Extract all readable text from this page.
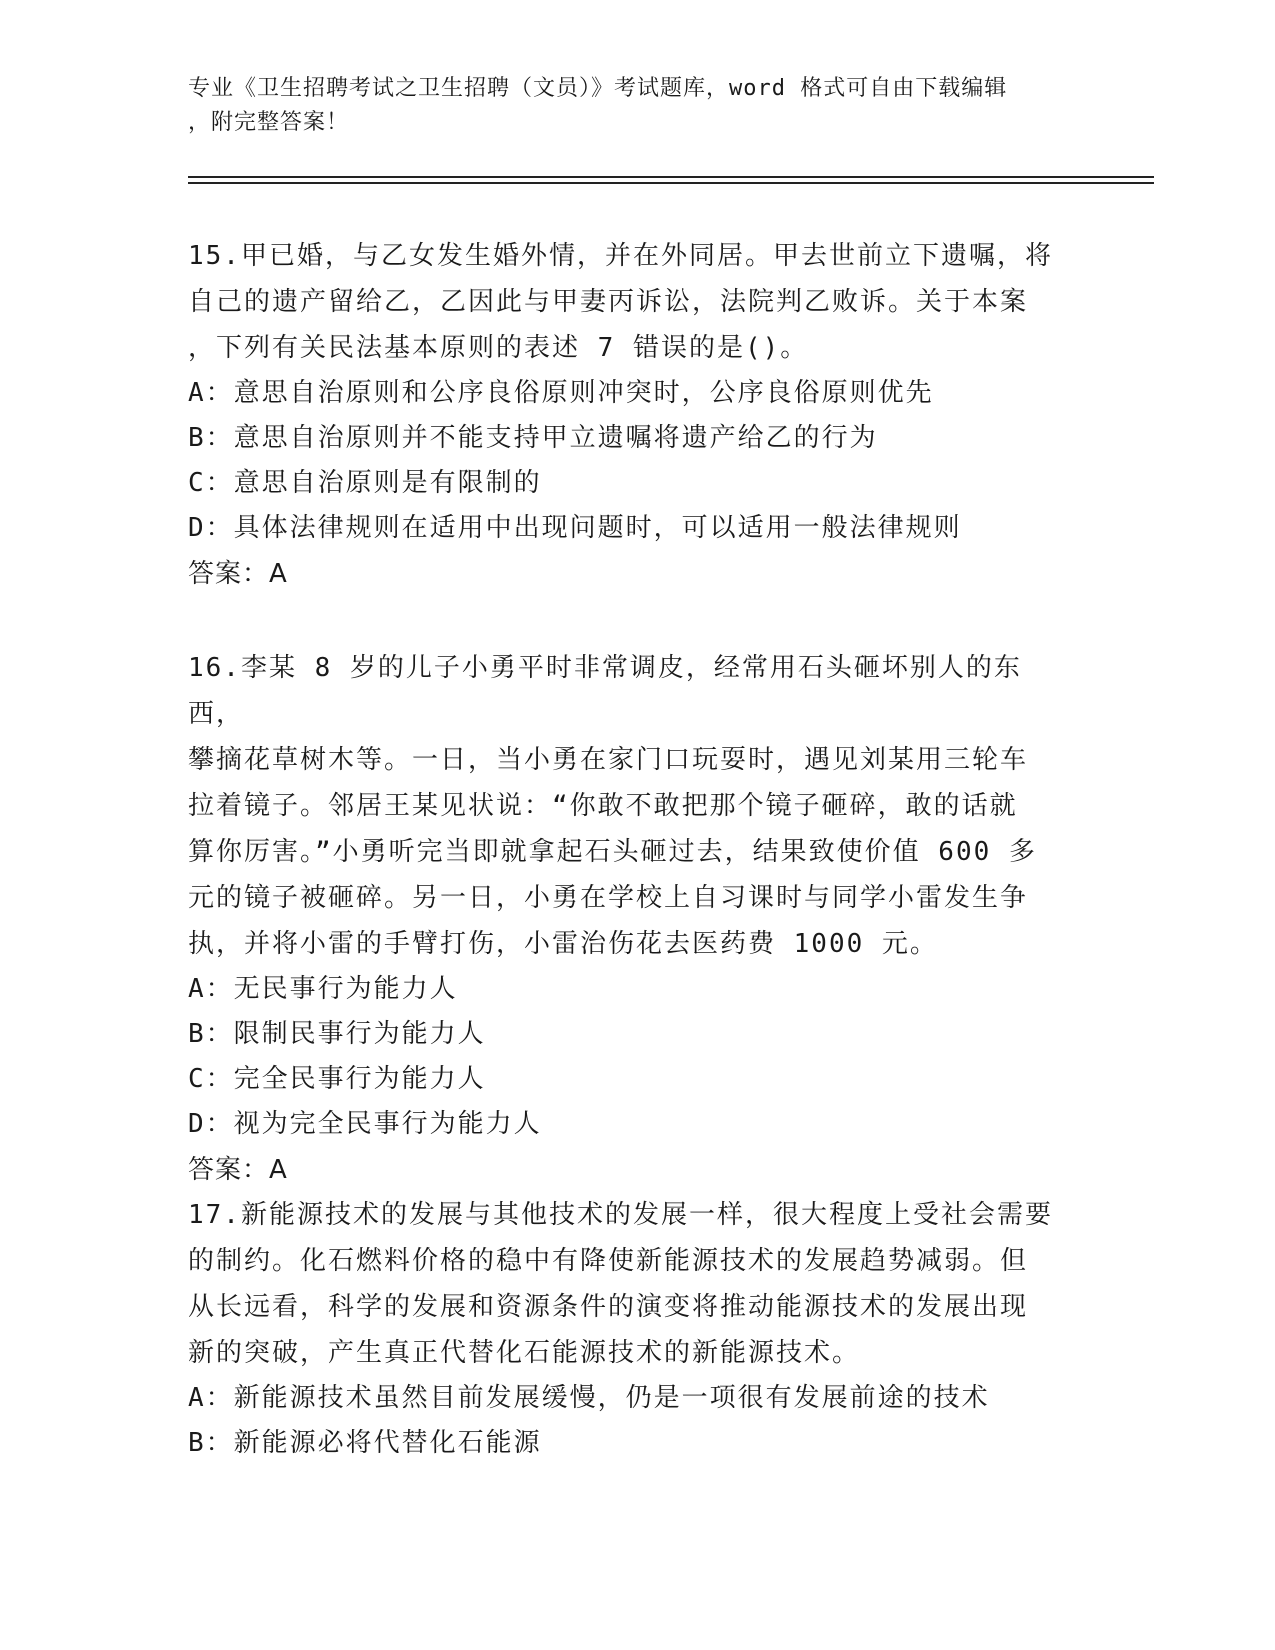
专业《卫生招聘考试之卫生招聘（文员）》考试题库，word 格式可自由下载编辑
，附完整答案！
15.甲已婚，与乙女发生婚外情，并在外同居。甲去世前立下遗嘱，将
自己的遗产留给乙，乙因此与甲妻丙诉讼，法院判乙败诉。关于本案
，下列有关民法基本原则的表述 7 错误的是()。
A：意思自治原则和公序良俗原则冲突时，公序良俗原则优先
B：意思自治原则并不能支持甲立遗嘱将遗产给乙的行为
C：意思自治原则是有限制的
D：具体法律规则在适用中出现问题时，可以适用一般法律规则
答案：A
16.李某 8 岁的儿子小勇平时非常调皮，经常用石头砸坏别人的东西，
攀摘花草树木等。一日，当小勇在家门口玩耍时，遇见刘某用三轮车
拉着镜子。邻居王某见状说：“你敢不敢把那个镜子砸碎，敢的话就
算你厉害。”小勇听完当即就拿起石头砸过去，结果致使价值 600 多
元的镜子被砸碎。另一日，小勇在学校上自习课时与同学小雷发生争
执，并将小雷的手臂打伤，小雷治伤花去医药费 1000 元。
A：无民事行为能力人
B：限制民事行为能力人
C：完全民事行为能力人
D：视为完全民事行为能力人
答案：A
17.新能源技术的发展与其他技术的发展一样，很大程度上受社会需要
的制约。化石燃料价格的稳中有降使新能源技术的发展趋势减弱。但
从长远看，科学的发展和资源条件的演变将推动能源技术的发展出现
新的突破，产生真正代替化石能源技术的新能源技术。
A：新能源技术虽然目前发展缓慢，仍是一项很有发展前途的技术
B：新能源必将代替化石能源
